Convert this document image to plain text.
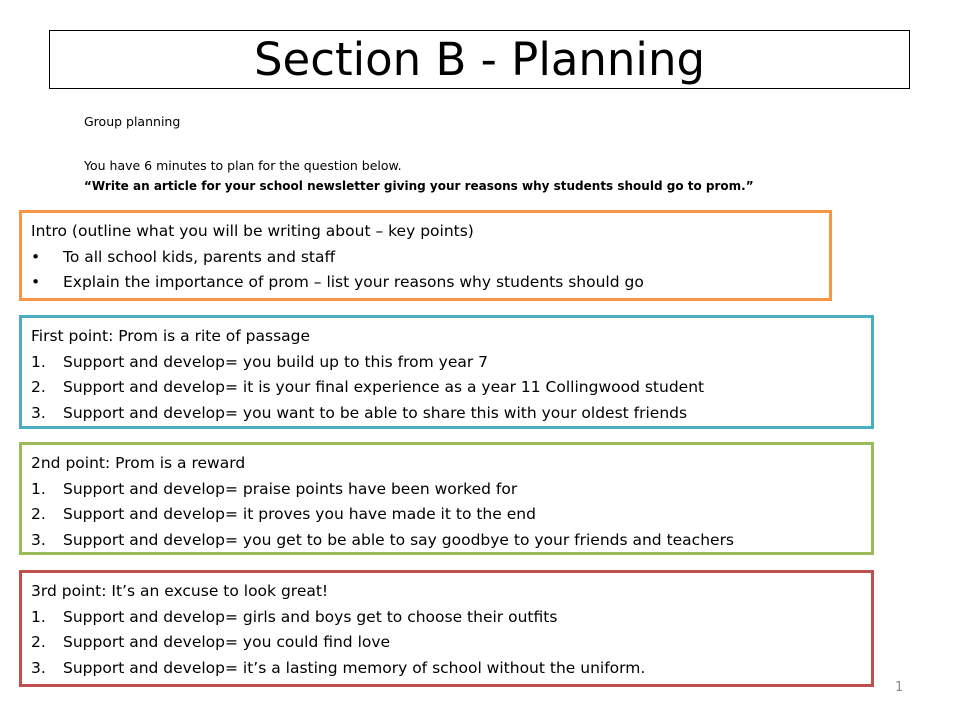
Section B - Planning
Group planning
You have 6 minutes to plan for the question below.
“Write an article for your school newsletter giving your reasons why students should go to prom.”
Intro (outline what you will be writing about – key points)
• To all school kids, parents and staff
• Explain the importance of prom – list your reasons why students should go
First point: Prom is a rite of passage
1. Support and develop= you build up to this from year 7
2. Support and develop= it is your final experience as a year 11 Collingwood student
3. Support and develop= you want to be able to share this with your oldest friends
2nd point: Prom is a reward
1. Support and develop= praise points have been worked for
2. Support and develop= it proves you have made it to the end
3. Support and develop= you get to be able to say goodbye to your friends and teachers
3rd point: It’s an excuse to look great!
1. Support and develop= girls and boys get to choose their outfits
2. Support and develop= you could find love
3. Support and develop= it’s a lasting memory of school without the uniform.
1
